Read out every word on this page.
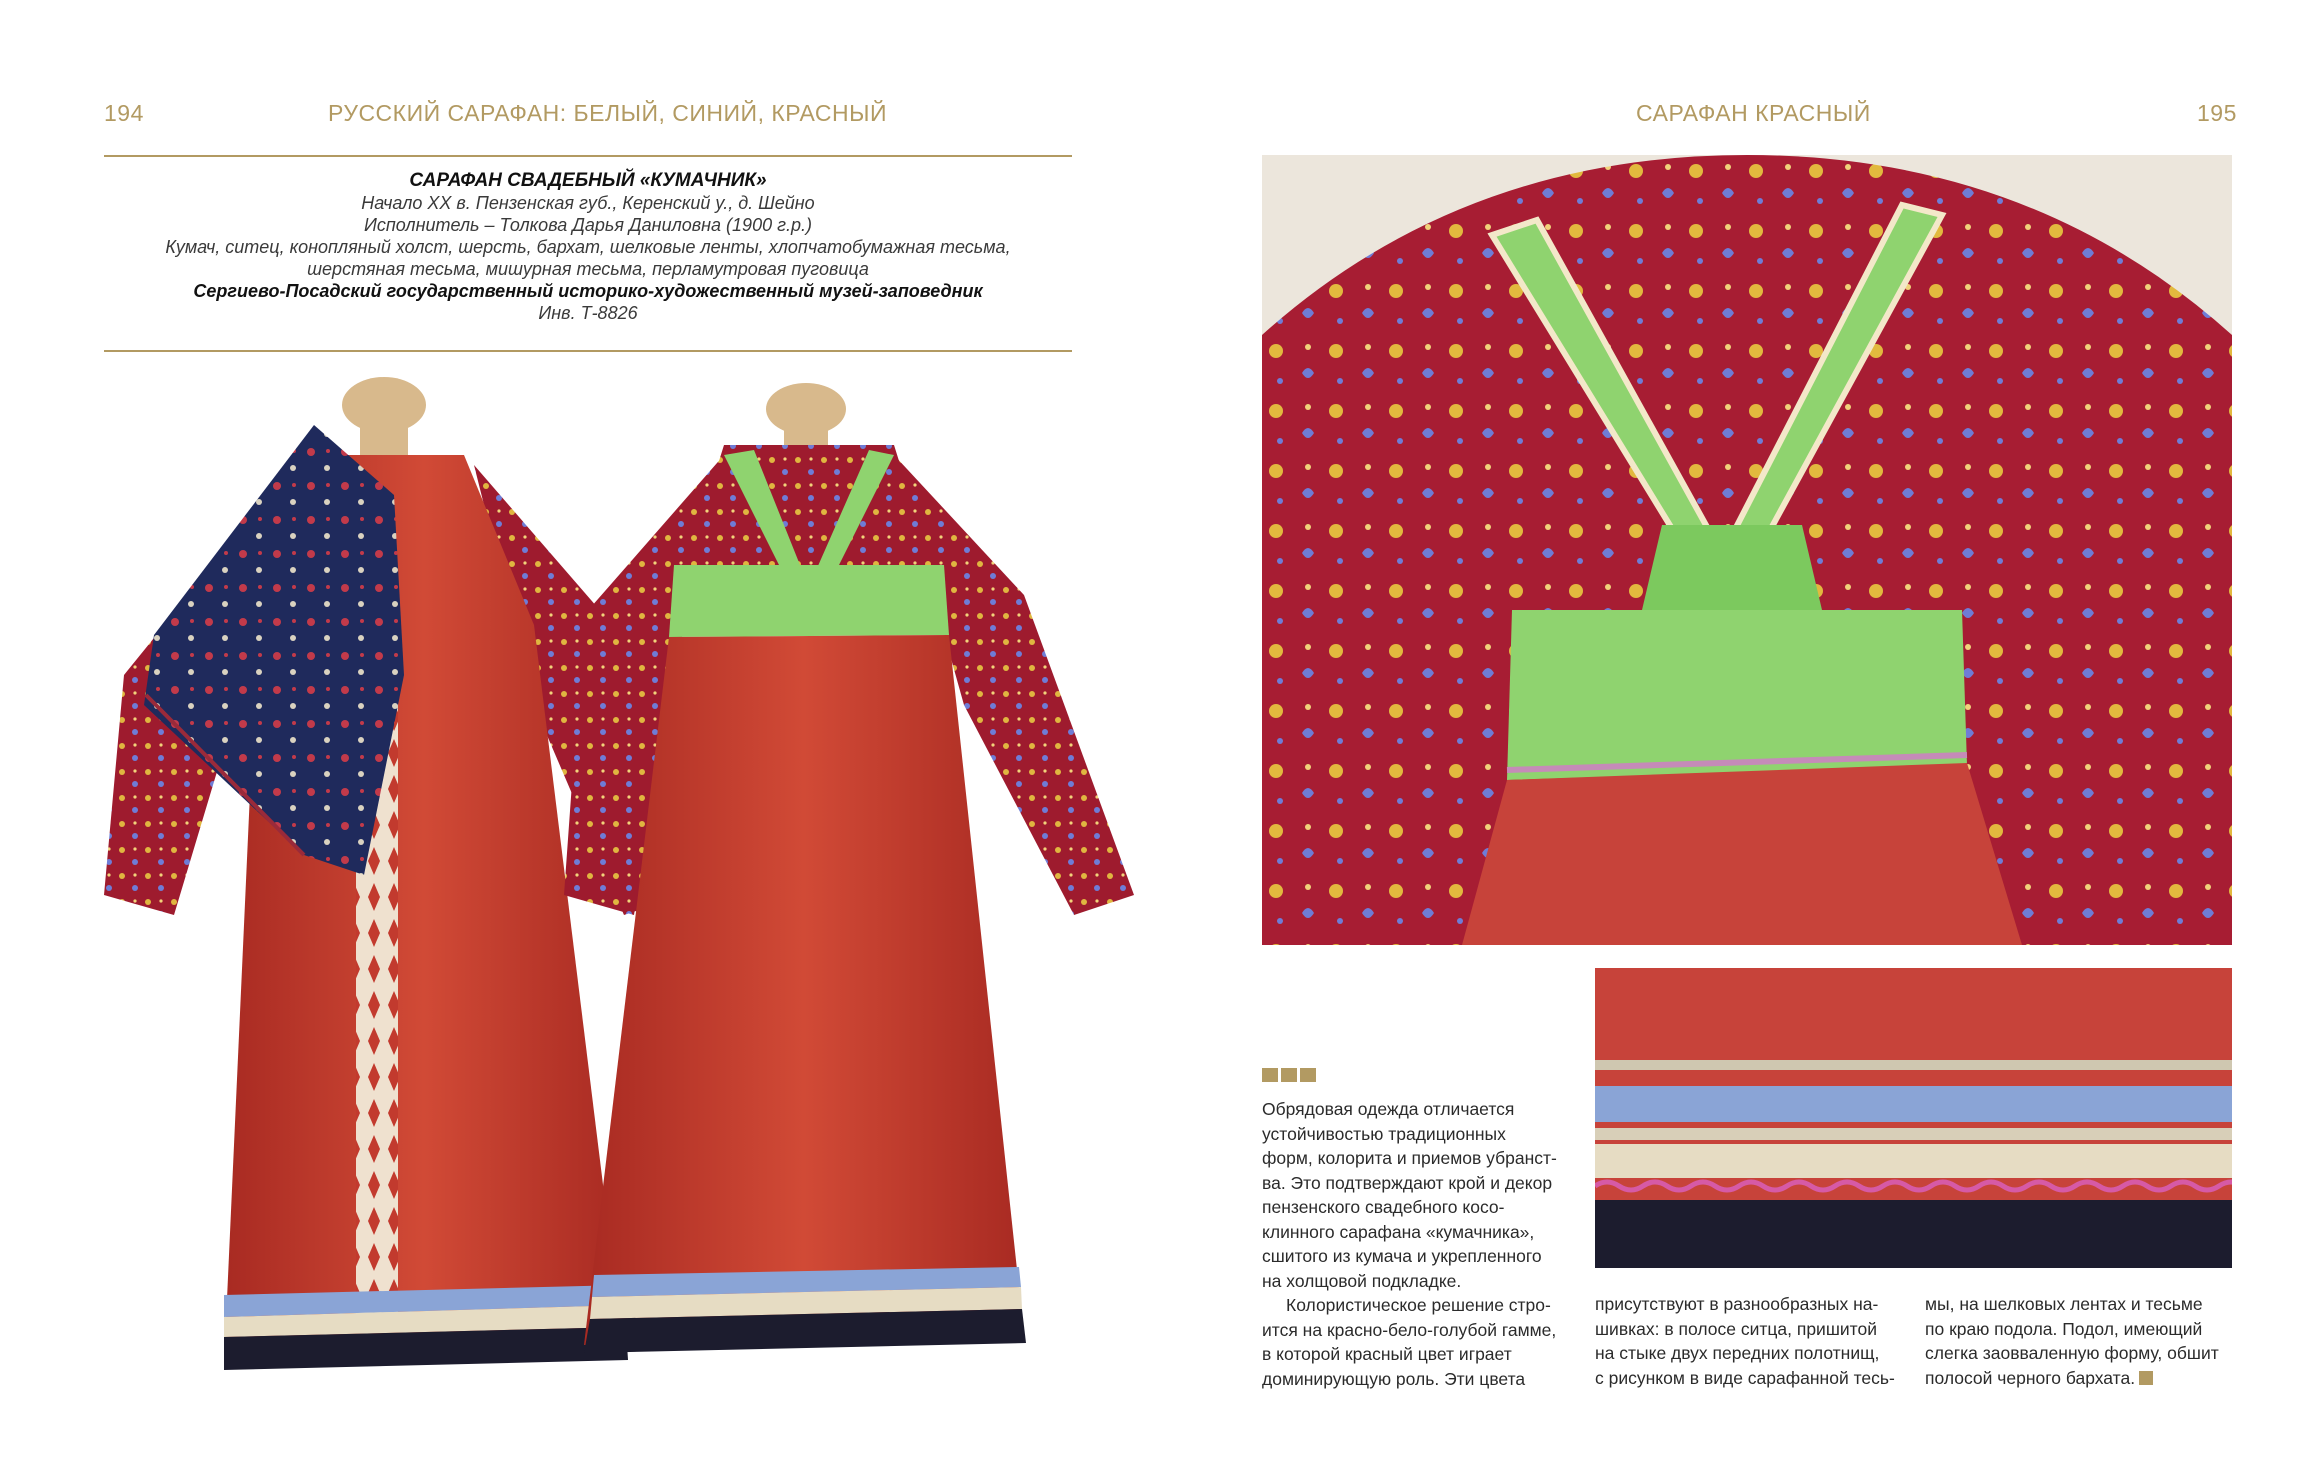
194	РУССКИЙ САРАФАН: БЕЛЫЙ, СИНИЙ, КРАСНЫЙ	САРАФАН КРАСНЫЙ	195
САРАФАН СВАДЕБНЫЙ «КУМАЧНИК»
Начало XX в. Пензенская губ., Керенский у., д. Шейно
Исполнитель – Толкова Дарья Даниловна (1900 г.р.)
Кумач, ситец, конопляный холст, шерсть, бархат, шелковые ленты, хлопчатобумажная тесьма,
шерстяная тесьма, мишурная тесьма, перламутровая пуговица
Сергиево-Посадский государственный историко-художественный музей-заповедник
Инв. Т-8826

Обрядовая одежда отличается

устойчивостью традиционных

форм, колорита и приемов убранст-

ва. Это подтверждают крой и декор

пензенского свадебного косо-

клинного сарафана «кумачника»,

сшитого из кумача и укрепленного

на холщовой подкладке.

Колористическое решение стро-

ится на красно-бело-голубой гамме,

в которой красный цвет играет

доминирующую роль. Эти цвета

присутствуют в разнообразных на-

шивках: в полосе ситца, пришитой

на стыке двух передних полотнищ,

с рисунком в виде сарафанной тесь-

мы, на шелковых лентах и тесьме

по краю подола. Подол, имеющий

слегка заовваленную форму, обшит

полосой черного бархата.
